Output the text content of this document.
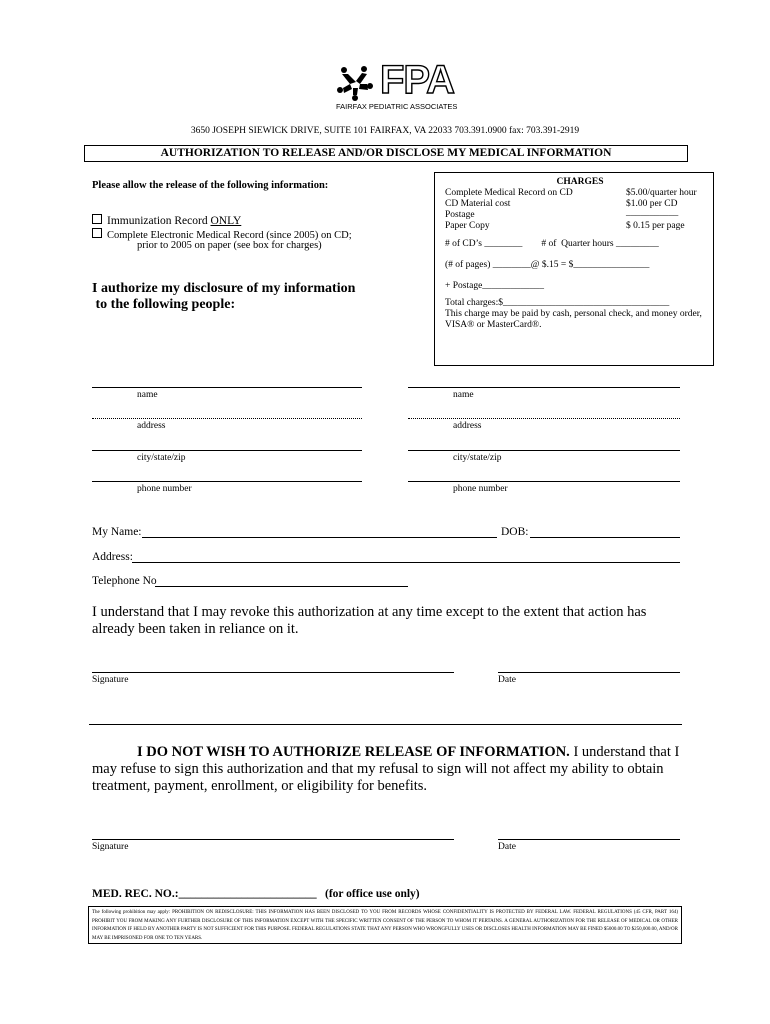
FPA
FAIRFAX PEDIATRIC ASSOCIATES
3650 JOSEPH SIEWICK DRIVE, SUITE 101 FAIRFAX, VA 22033 703.391.0900 fax: 703.391-2919
AUTHORIZATION TO RELEASE AND/OR DISCLOSE MY MEDICAL INFORMATION
Please allow the release of the following information:
Immunization Record ONLY
Complete Electronic Medical Record (since 2005) on CD;
prior to 2005 on paper (see box for charges)
CHARGES
Complete Medical Record on CD	$5.00/quarter hour
CD Material cost	$1.00 per CD
Postage	___________
Paper Copy	$ 0.15 per page
# of CD’s ________        # of  Quarter hours _________
(# of pages) ________@ $.15 = $________________
+ Postage_____________
Total charges:$___________________________________
This charge may be paid by cash, personal check, and money order, VISA® or MasterCard®.
I authorize my disclosure of my information
to the following people:
name
address
city/state/zip
phone number
name
address
city/state/zip
phone number
My Name:	DOB:
Address:
Telephone No
I understand that I may revoke this authorization at any time except to the extent that action has already been taken in reliance on it.
Signature	Date
I DO NOT WISH TO AUTHORIZE RELEASE OF INFORMATION. I understand that I may refuse to sign this authorization and that my refusal to sign will not affect my ability to obtain treatment, payment, enrollment, or eligibility for benefits.
Signature	Date
MED. REC. NO.:________________________ (for office use only)
The following prohibition may apply: PROHIBITION ON REDISCLOSURE: THIS INFORMATION HAS BEEN DISCLOSED TO YOU FROM RECORDS WHOSE CONFIDENTIALITY IS PROTECTED BY FEDERAL LAW. FEDERAL REGULATIONS (45 CFR, PART 164) PROHIBIT YOU FROM MAKING ANY FURTHER DISCLOSURE OF THIS INFORMATION EXCEPT WITH THE SPECIFIC WRITTEN CONSENT OF THE PERSON TO WHOM IT PERTAINS. A GENERAL AUTHORIZATION FOR THE RELEASE OF MEDICAL OR OTHER INFORMATION IF HELD BY ANOTHER PARTY IS NOT SUFFICIENT FOR THIS PURPOSE. FEDERAL REGULATIONS STATE THAT ANY PERSON WHO WRONGFULLY USES OR DISCLOSES HEALTH INFORMATION MAY BE FINED $5000.00 TO $250,000.00, AND/OR MAY BE IMPRISONED FOR ONE TO TEN YEARS.
